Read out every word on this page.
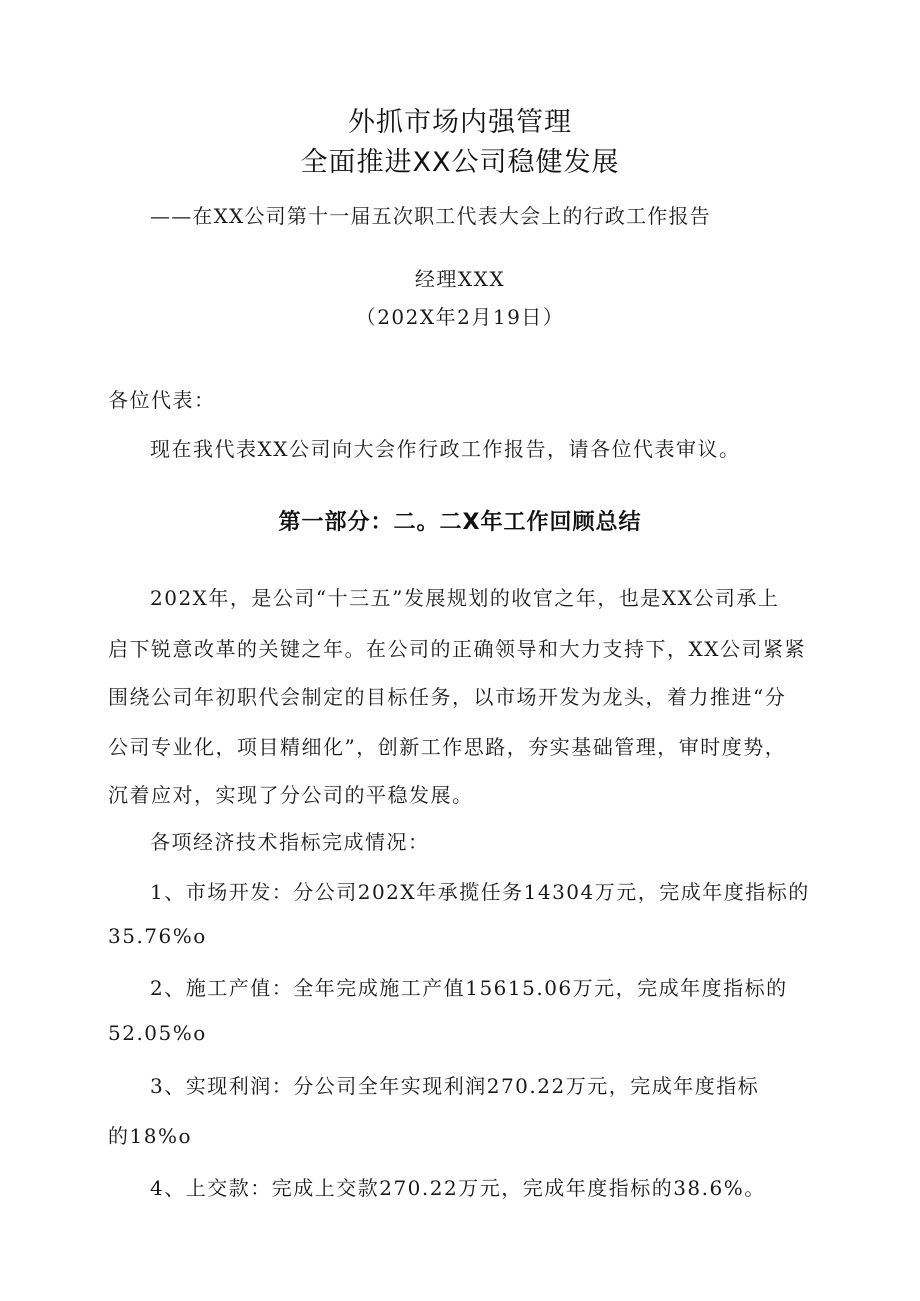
外抓市场内强管理
全面推进XX公司稳健发展
——在XX公司第十一届五次职工代表大会上的行政工作报告
经理XXX
（202X年2月19日）
各位代表：
现在我代表XX公司向大会作行政工作报告，请各位代表审议。
第一部分：二。二X年工作回顾总结
202X年，是公司“十三五”发展规划的收官之年，也是XX公司承上
启下锐意改革的关键之年。在公司的正确领导和大力支持下，XX公司紧紧
围绕公司年初职代会制定的目标任务，以市场开发为龙头，着力推进“分
公司专业化，项目精细化”，创新工作思路，夯实基础管理，审时度势，
沉着应对，实现了分公司的平稳发展。
各项经济技术指标完成情况：
1、市场开发：分公司202X年承揽任务14304万元，完成年度指标的
35.76%o
2、施工产值：全年完成施工产值15615.06万元，完成年度指标的
52.05%o
3、实现利润：分公司全年实现利润270.22万元，完成年度指标
的18%o
4、上交款：完成上交款270.22万元，完成年度指标的38.6%。
